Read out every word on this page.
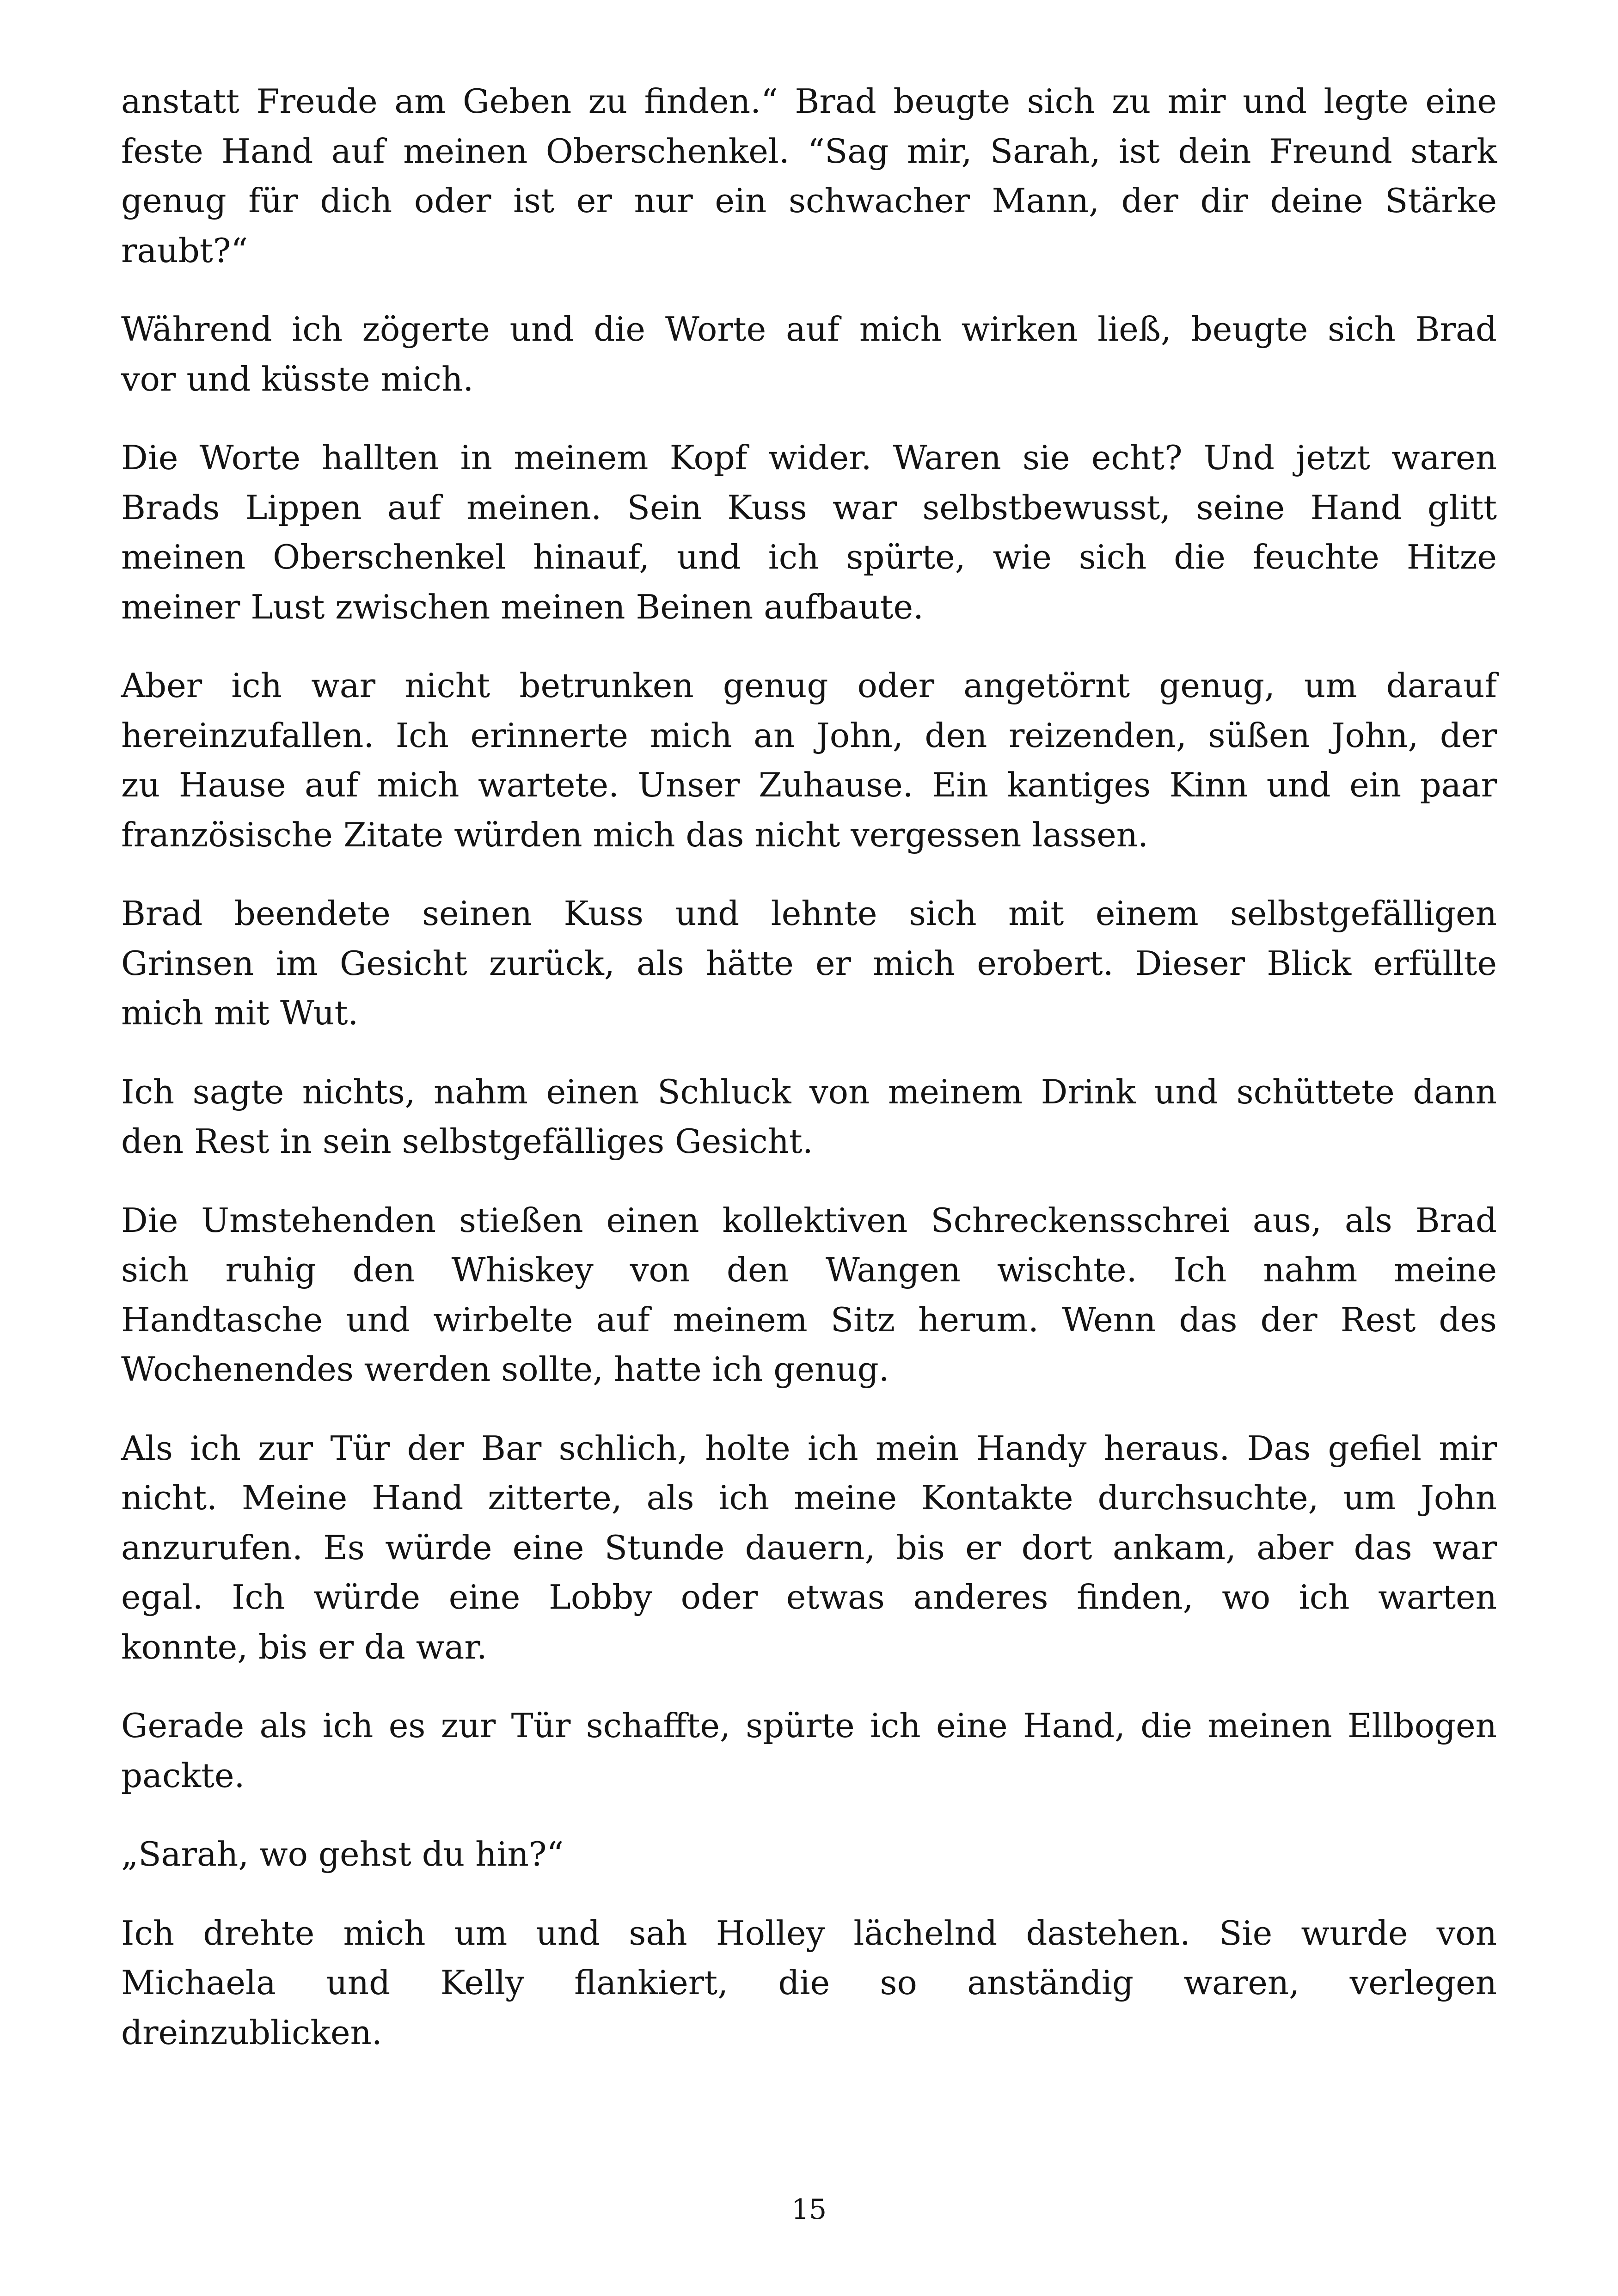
anstatt Freude am Geben zu finden.“ Brad beugte sich zu mir und legte eine
feste Hand auf meinen Oberschenkel. “Sag mir, Sarah, ist dein Freund stark
genug für dich oder ist er nur ein schwacher Mann, der dir deine Stärke
raubt?“

Während ich zögerte und die Worte auf mich wirken ließ, beugte sich Brad
vor und küsste mich.

Die Worte hallten in meinem Kopf wider. Waren sie echt? Und jetzt waren
Brads Lippen auf meinen. Sein Kuss war selbstbewusst, seine Hand glitt
meinen Oberschenkel hinauf, und ich spürte, wie sich die feuchte Hitze
meiner Lust zwischen meinen Beinen aufbaute.

Aber ich war nicht betrunken genug oder angetörnt genug, um darauf
hereinzufallen. Ich erinnerte mich an John, den reizenden, süßen John, der
zu Hause auf mich wartete. Unser Zuhause. Ein kantiges Kinn und ein paar
französische Zitate würden mich das nicht vergessen lassen.

Brad beendete seinen Kuss und lehnte sich mit einem selbstgefälligen
Grinsen im Gesicht zurück, als hätte er mich erobert. Dieser Blick erfüllte
mich mit Wut.

Ich sagte nichts, nahm einen Schluck von meinem Drink und schüttete dann
den Rest in sein selbstgefälliges Gesicht.

Die Umstehenden stießen einen kollektiven Schreckensschrei aus, als Brad
sich ruhig den Whiskey von den Wangen wischte. Ich nahm meine
Handtasche und wirbelte auf meinem Sitz herum. Wenn das der Rest des
Wochenendes werden sollte, hatte ich genug.

Als ich zur Tür der Bar schlich, holte ich mein Handy heraus. Das gefiel mir
nicht. Meine Hand zitterte, als ich meine Kontakte durchsuchte, um John
anzurufen. Es würde eine Stunde dauern, bis er dort ankam, aber das war
egal. Ich würde eine Lobby oder etwas anderes finden, wo ich warten
konnte, bis er da war.

Gerade als ich es zur Tür schaffte, spürte ich eine Hand, die meinen Ellbogen
packte.

„Sarah, wo gehst du hin?“

Ich drehte mich um und sah Holley lächelnd dastehen. Sie wurde von
Michaela und Kelly flankiert, die so anständig waren, verlegen
dreinzublicken.

15
